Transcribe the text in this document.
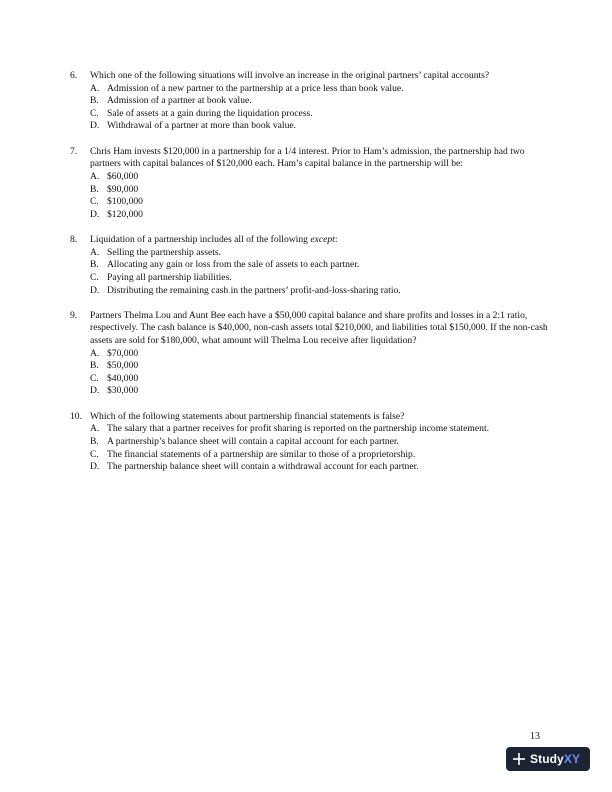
6. Which one of the following situations will involve an increase in the original partners’ capital accounts?
A. Admission of a new partner to the partnership at a price less than book value.
B. Admission of a partner at book value.
C. Sale of assets at a gain during the liquidation process.
D. Withdrawal of a partner at more than book value.
7. Chris Ham invests $120,000 in a partnership for a 1/4 interest. Prior to Ham’s admission, the partnership had two partners with capital balances of $120,000 each. Ham’s capital balance in the partnership will be:
A. $60,000
B. $90,000
C. $100,000
D. $120,000
8. Liquidation of a partnership includes all of the following except:
A. Selling the partnership assets.
B. Allocating any gain or loss from the sale of assets to each partner.
C. Paying all partnership liabilities.
D. Distributing the remaining cash in the partners’ profit-and-loss-sharing ratio.
9. Partners Thelma Lou and Aunt Bee each have a $50,000 capital balance and share profits and losses in a 2:1 ratio, respectively. The cash balance is $40,000, non-cash assets total $210,000, and liabilities total $150,000. If the non-cash assets are sold for $180,000, what amount will Thelma Lou receive after liquidation?
A. $70,000
B. $50,000
C. $40,000
D. $30,000
10. Which of the following statements about partnership financial statements is false?
A. The salary that a partner receives for profit sharing is reported on the partnership income statement.
B. A partnership’s balance sheet will contain a capital account for each partner.
C. The financial statements of a partnership are similar to those of a proprietorship.
D. The partnership balance sheet will contain a withdrawal account for each partner.
13
StudyXY
